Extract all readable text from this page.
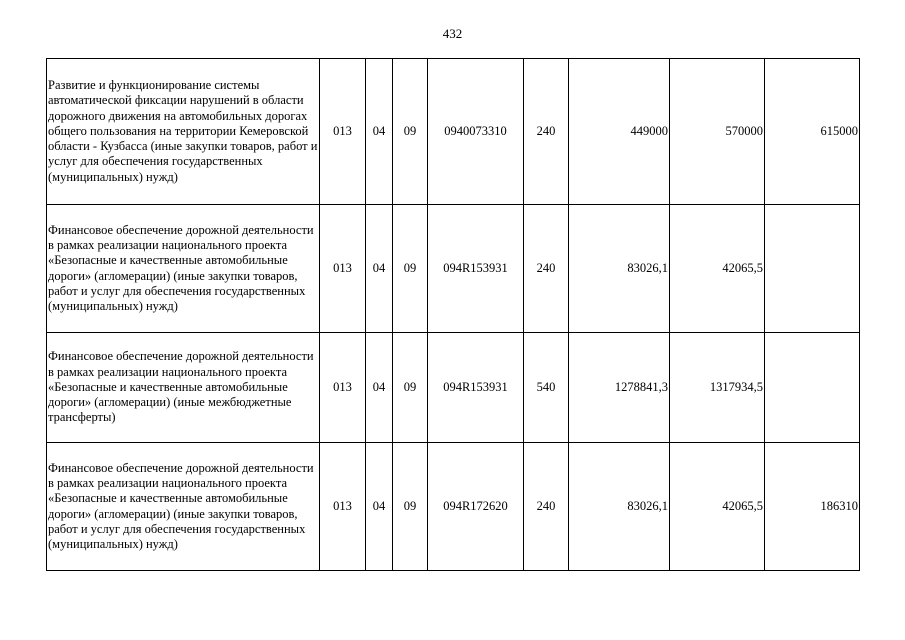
432
Развитие и функционирование системы автоматической фиксации нарушений в области дорожного движения на автомобильных дорогах общего пользования на территории Кемеровской области - Кузбасса (иные закупки товаров, работ и услуг для обеспечения государственных (муниципальных) нужд)	013	04	09	0940073310	240	449000	570000	615000
Финансовое обеспечение дорожной деятельности в рамках реализации национального проекта «Безопасные и качественные автомобильные дороги» (агломерации) (иные закупки товаров, работ и услуг для обеспечения государственных (муниципальных) нужд)	013	04	09	094R153931	240	83026,1	42065,5	
Финансовое обеспечение дорожной деятельности в рамках реализации национального проекта «Безопасные и качественные автомобильные дороги» (агломерации) (иные межбюджетные трансферты)	013	04	09	094R153931	540	1278841,3	1317934,5	
Финансовое обеспечение дорожной деятельности в рамках реализации национального проекта «Безопасные и качественные автомобильные дороги» (агломерации) (иные закупки товаров, работ и услуг для обеспечения государственных (муниципальных) нужд)	013	04	09	094R172620	240	83026,1	42065,5	186310
